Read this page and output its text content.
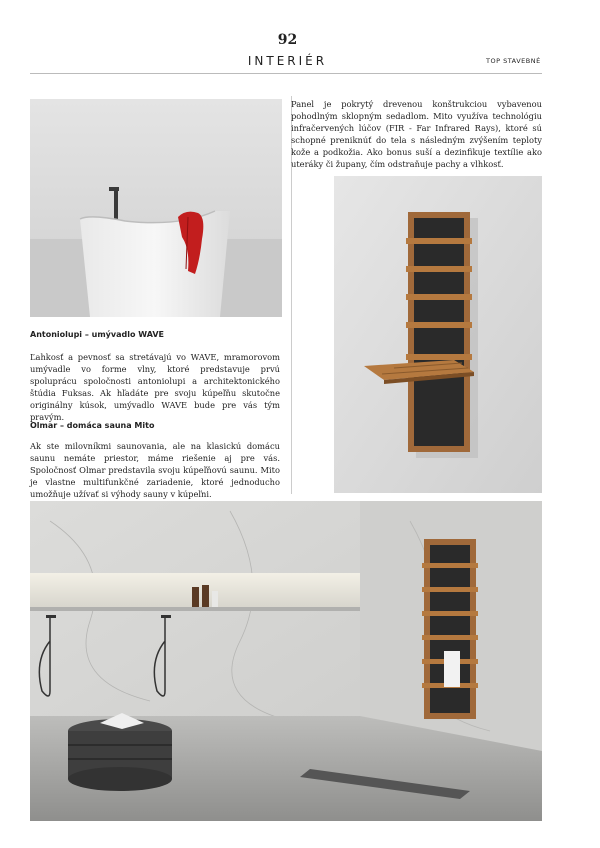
92
INTERIÉR	TOP STAVEBNÉ
Antoniolupi – umývadlo WAVE
Ľahkosť a pevnosť sa stretávajú vo WAVE, mramorovom umývadle vo forme vlny, ktoré predstavuje prvú spoluprácu spoločnosti antoniolupi a architektonického štúdia Fuksas. Ak hľadáte pre svoju kúpeľňu skutočne originálny kúsok, umývadlo WAVE bude pre vás tým pravým.
Olmar – domáca sauna Mito
Ak ste milovníkmi saunovania, ale na klasickú domácu saunu nemáte priestor, máme riešenie aj pre vás. Spoločnosť Olmar predstavila svoju kúpeľňovú saunu. Mito je vlastne multifunkčné zariadenie, ktoré jednoducho umožňuje užívať si výhody sauny v kúpeľni.
Panel je pokrytý drevenou konštrukciou vybavenou pohodlným sklopným sedadlom. Mito využíva technológiu infračervených lúčov (FIR - Far Infrared Rays), ktoré sú schopné preniknúť do tela s následným zvýšením teploty kože a podkožia. Ako bonus suší a dezinfikuje textílie ako uteráky či župany, čím odstraňuje pachy a vlhkosť.
